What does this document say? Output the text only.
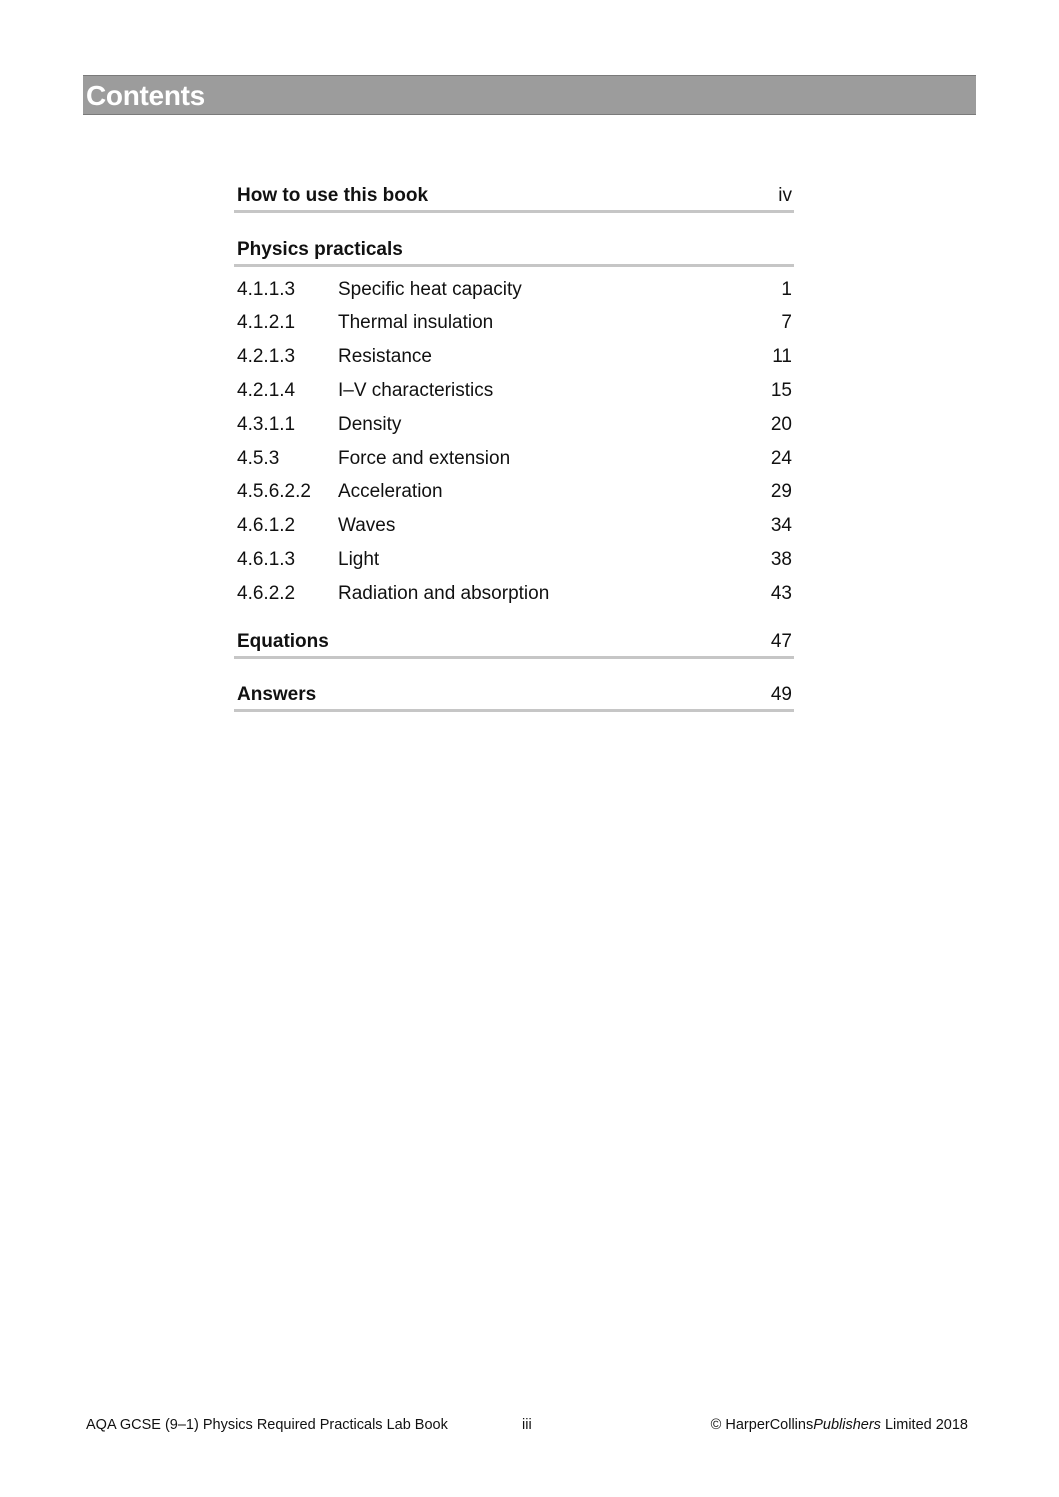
Contents
How to use this book	iv
Physics practicals
4.1.1.3 Specific heat capacity	1
4.1.2.1 Thermal insulation	7
4.2.1.3 Resistance	11
4.2.1.4 I–V characteristics	15
4.3.1.1 Density	20
4.5.3	Force and extension	24
4.5.6.2.2 Acceleration	29
4.6.1.2 Waves	34
4.6.1.3 Light	38
4.6.2.2 Radiation and absorption	43
Equations	47
Answers	49
AQA GCSE (9–1) Physics Required Practicals Lab Book	iii	© HarperCollinsPublishers Limited 2018
